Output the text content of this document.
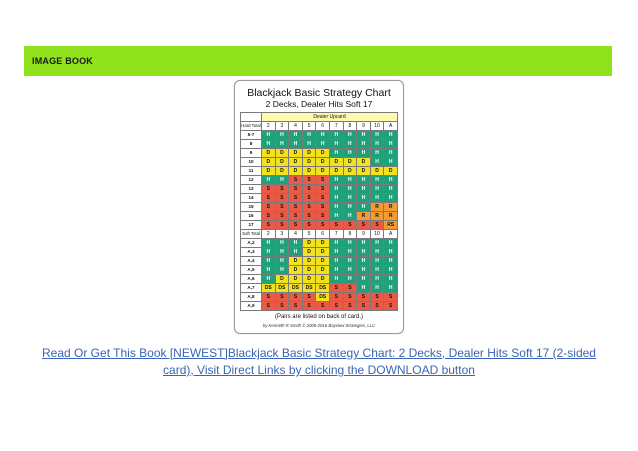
IMAGE BOOK
Blackjack Basic Strategy Chart
2 Decks, Dealer Hits Soft 17
	Dealer Upcard									
Hard Total	2	3	4	5	6	7	8	9	10	A
5-7	H	H	H	H	H	H	H	H	H	H
8	H	H	H	H	H	H	H	H	H	H
9	D	D	D	D	D	H	H	H	H	H
10	D	D	D	D	D	D	D	D	H	H
11	D	D	D	D	D	D	D	D	D	D
12	H	H	S	S	S	H	H	H	H	H
13	S	S	S	S	S	H	H	H	H	H
14	S	S	S	S	S	H	H	H	H	H
15	S	S	S	S	S	H	H	H	R	R
16	S	S	S	S	S	H	H	R	R	R
17	S	S	S	S	S	S	S	S	S	RS
Soft Total	2	3	4	5	6	7	8	9	10	A
A,2	H	H	H	D	D	H	H	H	H	H
A,3	H	H	H	D	D	H	H	H	H	H
A,4	H	H	D	D	D	H	H	H	H	H
A,5	H	H	D	D	D	H	H	H	H	H
A,6	H	D	D	D	D	H	H	H	H	H
A,7	DS	DS	DS	DS	DS	S	S	H	H	H
A,8	S	S	S	S	DS	S	S	S	S	S
A,9	S	S	S	S	S	S	S	S	S	S
(Pairs are listed on back of card.)
by Kenneth R Smith © 2008-2016 Bayview Strategies, LLC
Read Or Get This Book [NEWEST]Blackjack Basic Strategy Chart: 2 Decks, Dealer Hits Soft 17 (2-sided
card), Visit Direct Links by clicking the DOWNLOAD button
